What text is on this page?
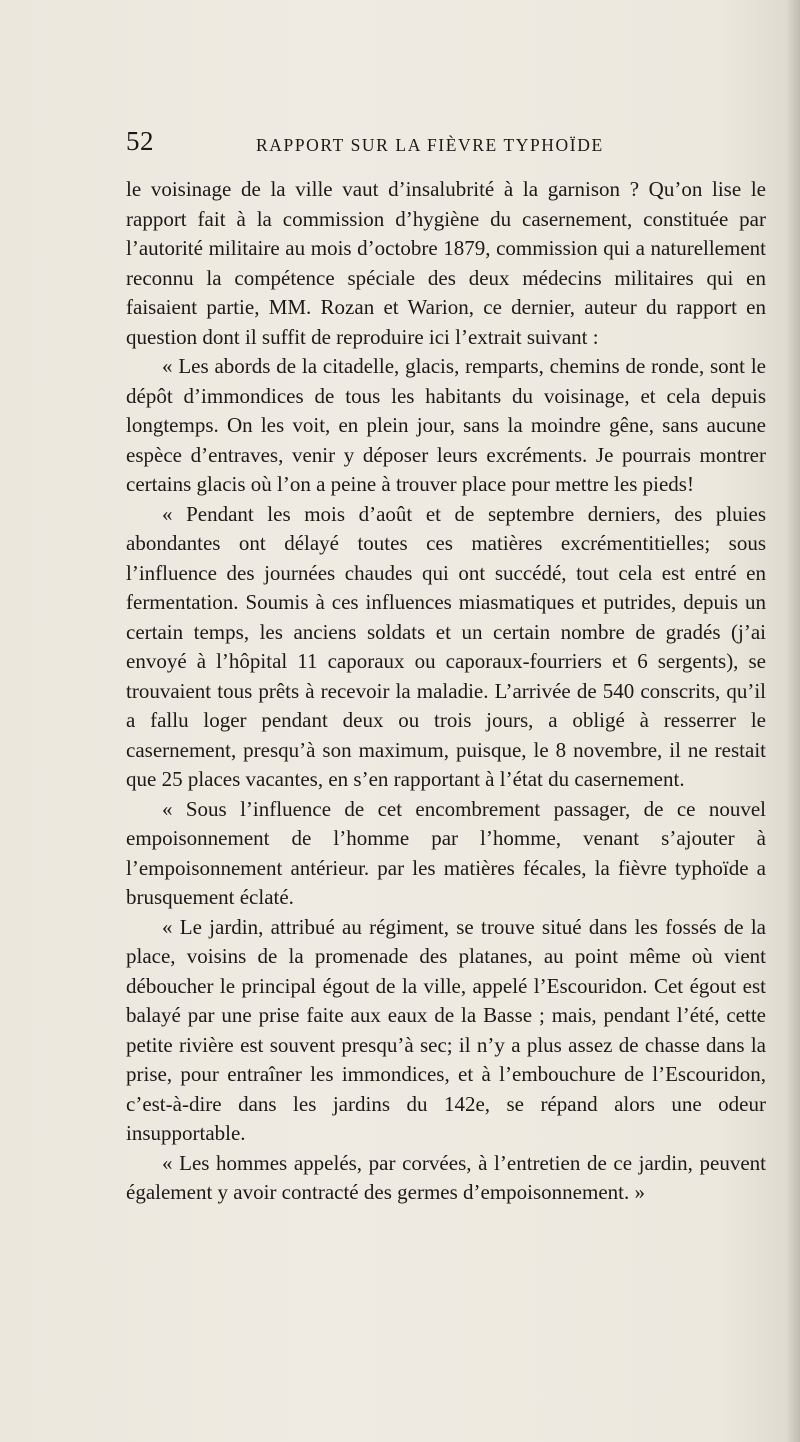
52	RAPPORT SUR LA FIÈVRE TYPHOÏDE

le voisinage de la ville vaut d’insalubrité à la garnison ? Qu’on lise le rapport fait à la commission d’hygiène du casernement, constituée par l’autorité militaire au mois d’octobre 1879, commission qui a naturellement reconnu la compétence spéciale des deux médecins militaires qui en faisaient partie, MM. Rozan et Warion, ce dernier, auteur du rapport en question dont il suffit de reproduire ici l’extrait suivant :

« Les abords de la citadelle, glacis, remparts, chemins de ronde, sont le dépôt d’immondices de tous les habitants du voisinage, et cela depuis longtemps. On les voit, en plein jour, sans la moindre gêne, sans aucune espèce d’entraves, venir y déposer leurs excréments. Je pourrais montrer certains glacis où l’on a peine à trouver place pour mettre les pieds!

« Pendant les mois d’août et de septembre derniers, des pluies abondantes ont délayé toutes ces matières excrémentitielles; sous l’influence des journées chaudes qui ont succédé, tout cela est entré en fermentation. Soumis à ces influences miasmatiques et putrides, depuis un certain temps, les anciens soldats et un certain nombre de gradés (j’ai envoyé à l’hôpital 11 caporaux ou caporaux-fourriers et 6 sergents), se trouvaient tous prêts à recevoir la maladie. L’arrivée de 540 conscrits, qu’il a fallu loger pendant deux ou trois jours, a obligé à resserrer le casernement, presqu’à son maximum, puisque, le 8 novembre, il ne restait que 25 places vacantes, en s’en rapportant à l’état du casernement.

« Sous l’influence de cet encombrement passager, de ce nouvel empoisonnement de l’homme par l’homme, venant s’ajouter à l’empoisonnement antérieur. par les matières fécales, la fièvre typhoïde a brusquement éclaté.

« Le jardin, attribué au régiment, se trouve situé dans les fossés de la place, voisins de la promenade des platanes, au point même où vient déboucher le principal égout de la ville, appelé l’Escouridon. Cet égout est balayé par une prise faite aux eaux de la Basse ; mais, pendant l’été, cette petite rivière est souvent presqu’à sec; il n’y a plus assez de chasse dans la prise, pour entraîner les immondices, et à l’embouchure de l’Escouridon, c’est-à-dire dans les jardins du 142e, se répand alors une odeur insupportable.

« Les hommes appelés, par corvées, à l’entretien de ce jardin, peuvent également y avoir contracté des germes d’empoisonnement. »
